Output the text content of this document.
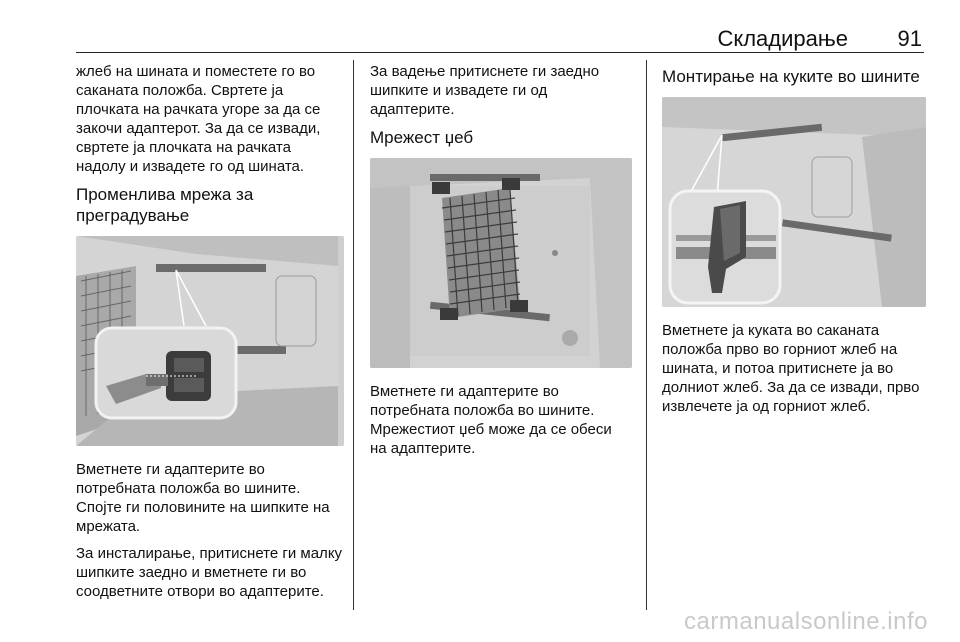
Складирање 91

жлеб на шината и поместете го во саканата положба. Свртете ја плочката на рачката угоре за да се закочи адаптерот. За да се извади, свртете ја плочката на рачката надолу и извадете го од шината.

Променлива мрежа за преградување

Вметнете ги адаптерите во потребната положба во шините. Спојте ги половините на шипките на мрежата.

За инсталирање, притиснете ги малку шипките заедно и вметнете ги во соодветните отвори во адаптерите.

За вадење притиснете ги заедно шипките и извадете ги од адаптерите.

Мрежест џеб

Вметнете ги адаптерите во потребната положба во шините. Мрежестиот џеб може да се обеси на адаптерите.

Монтирање на куките во шините

Вметнете ја куката во саканата положба прво во горниот жлеб на шината, и потоа притиснете ја во долниот жлеб. За да се извади, прво извлечете ја од горниот жлеб.

carmanualsonline.info
